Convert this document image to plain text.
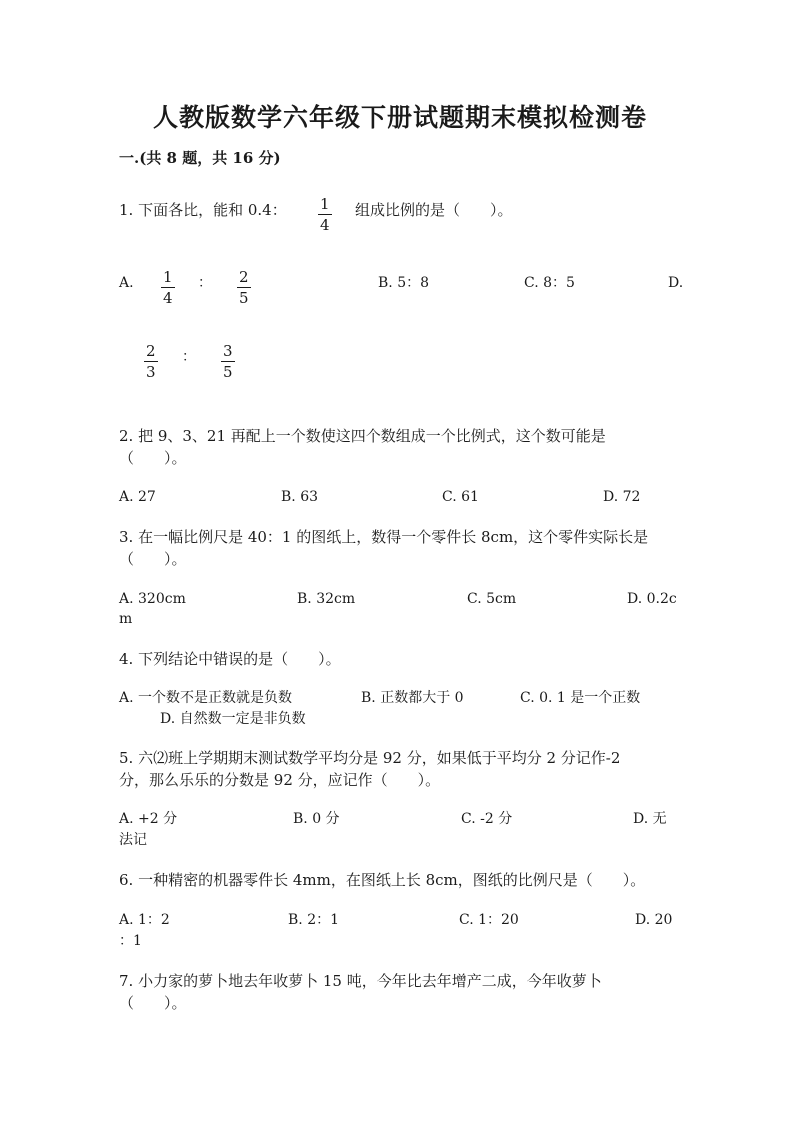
人教版数学六年级下册试题期末模拟检测卷
一.(共 8 题，共 16 分)
1. 下面各比，能和 0.4： $\frac{1}{4}$ 组成比例的是（　　）。
A. $\frac{1}{4}$ ： $\frac{2}{5}$	B. 5：8	C. 8：5	D.
$\frac{2}{3}$ ： $\frac{3}{5}$
2. 把 9、3、21 再配上一个数使这四个数组成一个比例式，这个数可能是
（　　）。
A. 27	B. 63	C. 61	D. 72
3. 在一幅比例尺是 40：1 的图纸上，数得一个零件长 8cm，这个零件实际长是
（　　）。
A. 320cm	B. 32cm	C. 5cm	D. 0.2c
m
4. 下列结论中错误的是（　　）。
A. 一个数不是正数就是负数	B. 正数都大于 0	C. 0. 1 是一个正数
D. 自然数一定是非负数
5. 六⑵班上学期期末测试数学平均分是 92 分，如果低于平均分 2 分记作-2
分，那么乐乐的分数是 92 分，应记作（　　）。
A. +2 分	B. 0 分	C. -2 分	D. 无
法记
6. 一种精密的机器零件长 4mm，在图纸上长 8cm，图纸的比例尺是（　　）。
A. 1：2	B. 2：1	C. 1：20	D. 20
：1
7. 小力家的萝卜地去年收萝卜 15 吨，今年比去年增产二成，今年收萝卜
（　　）。
